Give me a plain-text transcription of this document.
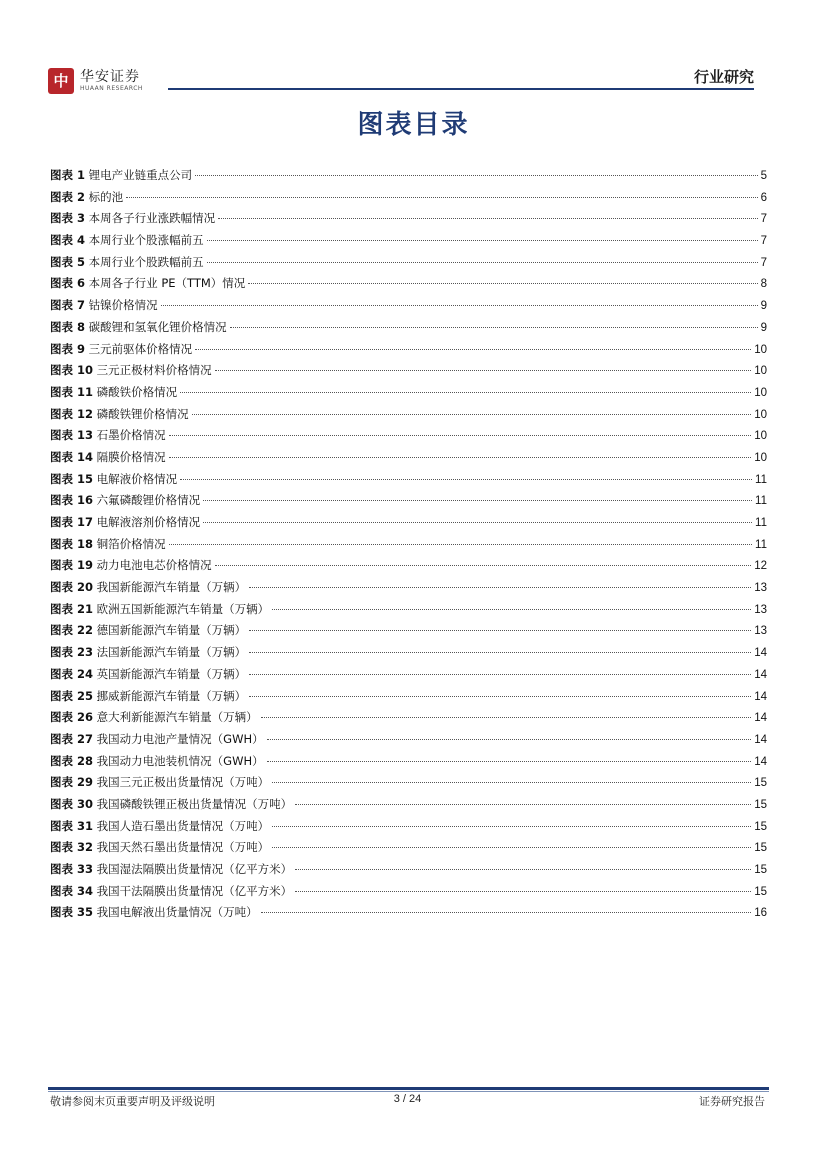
中 华安证券
HUAAN RESEARCH
行业研究
图表目录
图表 1 锂电产业链重点公司	5
图表 2 标的池	6
图表 3 本周各子行业涨跌幅情况	7
图表 4 本周行业个股涨幅前五	7
图表 5 本周行业个股跌幅前五	7
图表 6 本周各子行业 PE（TTM）情况	8
图表 7 钴镍价格情况	9
图表 8 碳酸锂和氢氧化锂价格情况	9
图表 9 三元前驱体价格情况	10
图表 10 三元正极材料价格情况	10
图表 11 磷酸铁价格情况	10
图表 12 磷酸铁锂价格情况	10
图表 13 石墨价格情况	10
图表 14 隔膜价格情况	10
图表 15 电解液价格情况	11
图表 16 六氟磷酸锂价格情况	11
图表 17 电解液溶剂价格情况	11
图表 18 铜箔价格情况	11
图表 19 动力电池电芯价格情况	12
图表 20 我国新能源汽车销量（万辆）	13
图表 21 欧洲五国新能源汽车销量（万辆）	13
图表 22 德国新能源汽车销量（万辆）	13
图表 23 法国新能源汽车销量（万辆）	14
图表 24 英国新能源汽车销量（万辆）	14
图表 25 挪威新能源汽车销量（万辆）	14
图表 26 意大利新能源汽车销量（万辆）	14
图表 27 我国动力电池产量情况（GWH）	14
图表 28 我国动力电池装机情况（GWH）	14
图表 29 我国三元正极出货量情况（万吨）	15
图表 30 我国磷酸铁锂正极出货量情况（万吨）	15
图表 31 我国人造石墨出货量情况（万吨）	15
图表 32 我国天然石墨出货量情况（万吨）	15
图表 33 我国湿法隔膜出货量情况（亿平方米）	15
图表 34 我国干法隔膜出货量情况（亿平方米）	15
图表 35 我国电解液出货量情况（万吨）	16
敬请参阅末页重要声明及评级说明	3 / 24	证券研究报告
